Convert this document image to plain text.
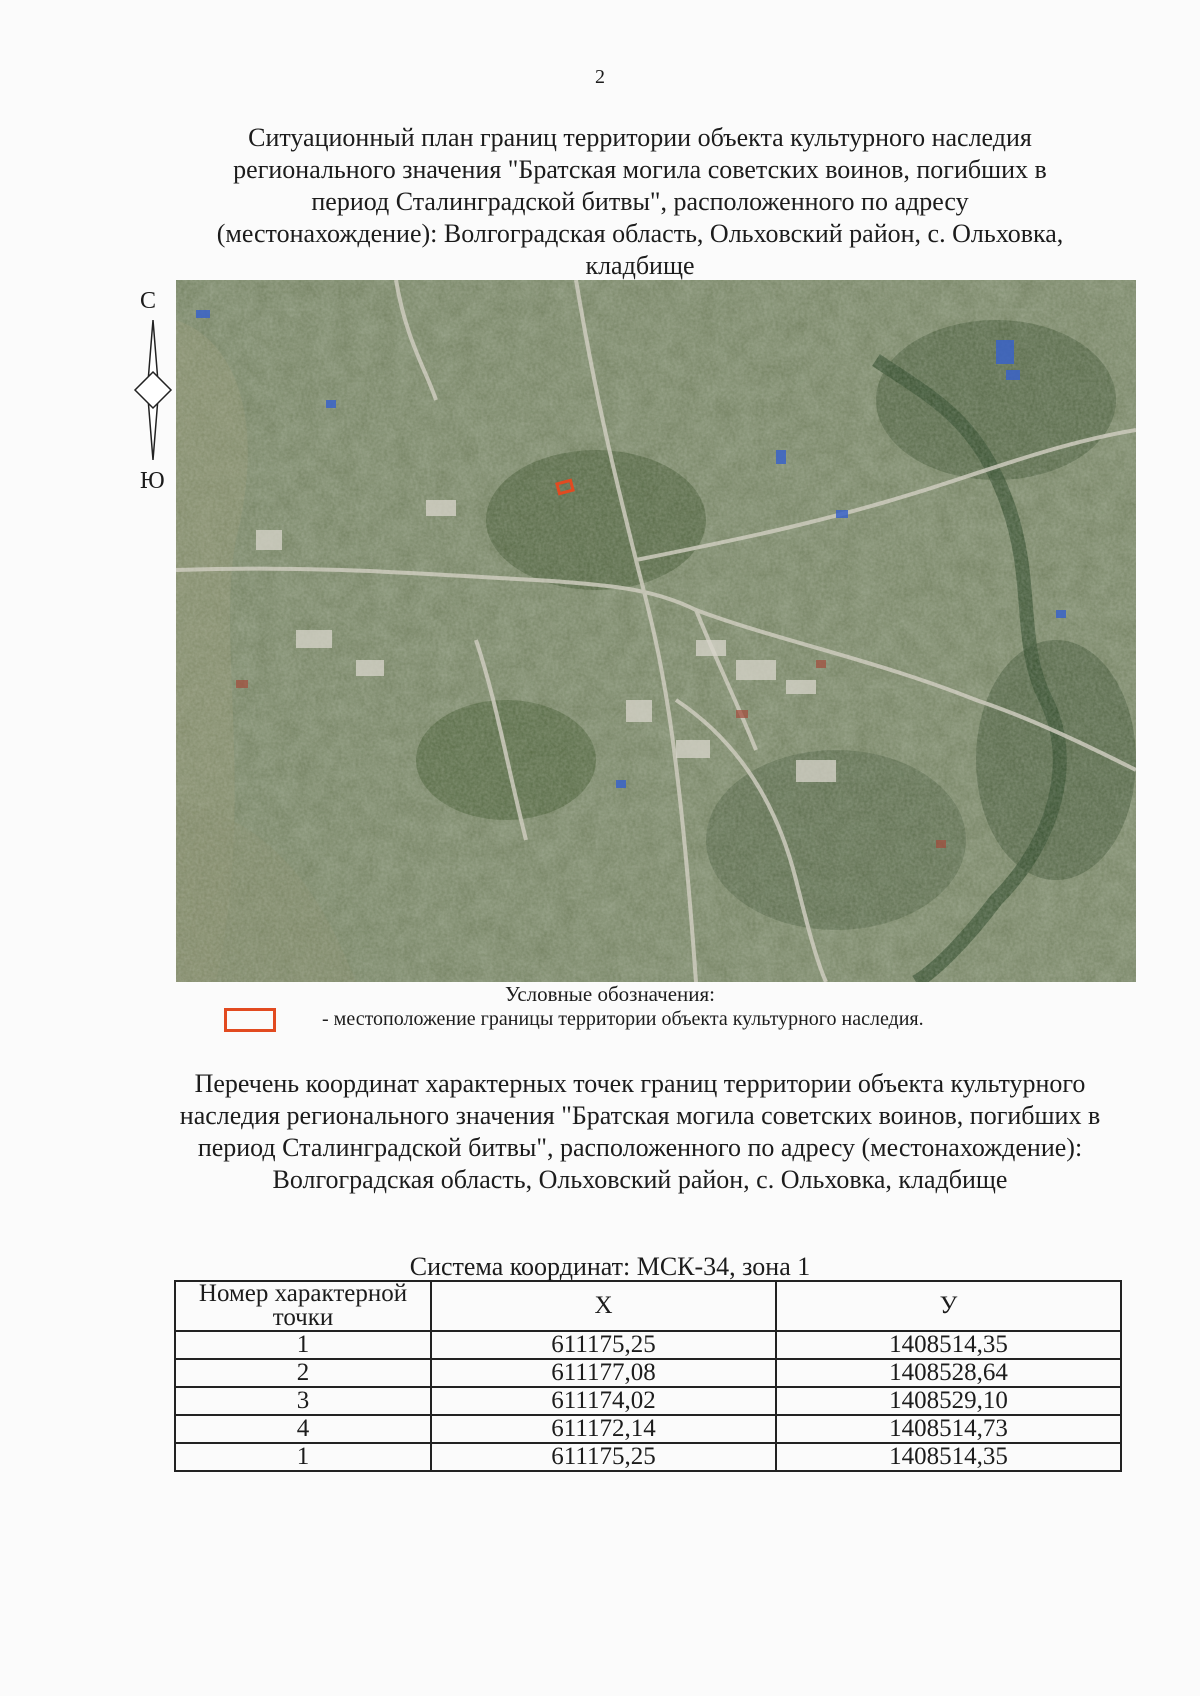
2
Ситуационный план границ территории объекта культурного наследия регионального значения "Братская могила советских воинов, погибших в период Сталинградской битвы", расположенного по адресу (местонахождение): Волгоградская область, Ольховский район, с. Ольховка, кладбище
С
Ю
Условные обозначения:
- местоположение границы территории объекта культурного наследия.
Перечень координат характерных точек границ территории объекта культурного наследия регионального значения "Братская могила советских воинов, погибших в период Сталинградской битвы", расположенного по адресу (местонахождение): Волгоградская область, Ольховский район, с. Ольховка, кладбище
Система координат: МСК-34, зона 1
Номер характерной точки	X	У
1	611175,25	1408514,35
2	611177,08	1408528,64
3	611174,02	1408529,10
4	611172,14	1408514,73
1	611175,25	1408514,35
